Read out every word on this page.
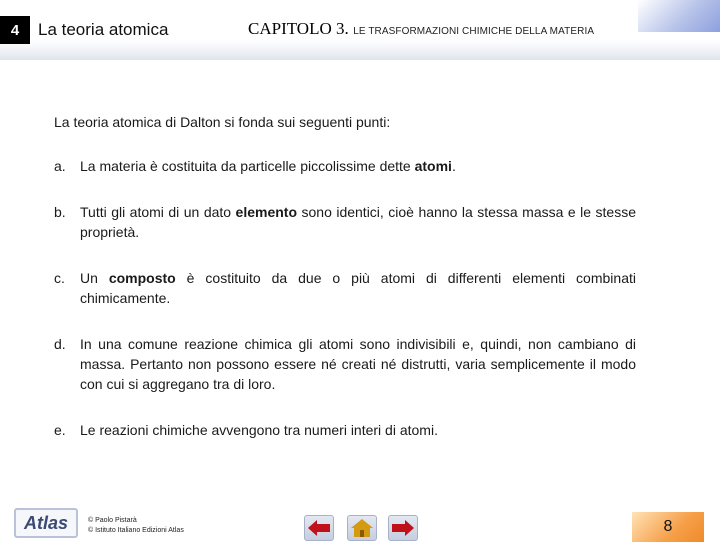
4	La teoria atomica	CAPITOLO 3. LE TRASFORMAZIONI CHIMICHE DELLA MATERIA

La teoria atomica di Dalton si fonda sui seguenti punti:

a.	La materia è costituita da particelle piccolissime dette atomi.
b.	Tutti gli atomi di un dato elemento sono identici, cioè hanno la stessa massa e le stesse proprietà.
c.	Un composto è costituito da due o più atomi di differenti elementi combinati chimicamente.
d.	In una comune reazione chimica gli atomi sono indivisibili e, quindi, non cambiano di massa. Pertanto non possono essere né creati né distrutti, varia semplicemente il modo con cui si aggregano tra di loro.
e.	Le reazioni chimiche avvengono tra numeri interi di atomi.
Atlas	© Paolo Pistarà
© Istituto Italiano Edizioni Atlas	8
